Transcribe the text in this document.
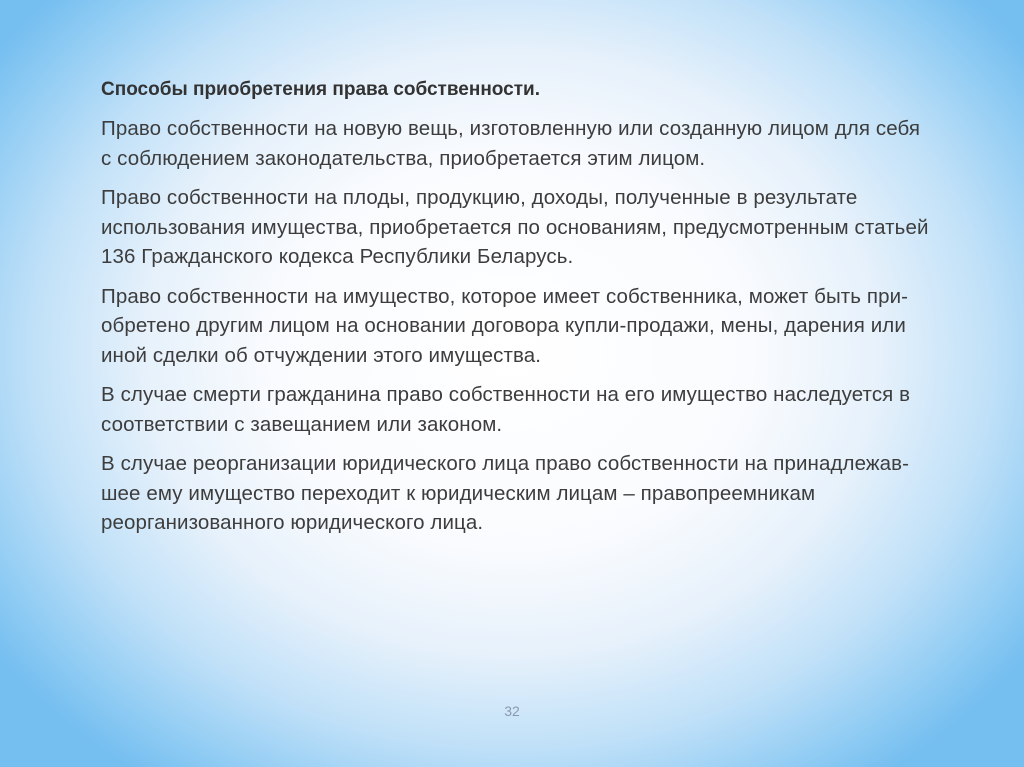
Способы приобретения права собственности.

Право собственности на новую вещь, изготовленную или созданную лицом для себя с соблюдением законодательства, приобретается этим лицом.

Право собственности на плоды, продукцию, доходы, полученные в результате использования имущества, приобретается по основаниям, предусмотренным статьей 136 Гражданского кодекса Республики Беларусь.

Право собственности на имущество, которое имеет собственника, может быть при-обретено другим лицом на основании договора купли-продажи, мены, дарения или иной сделки об отчуждении этого имущества.

В случае смерти гражданина право собственности на его имущество наследуется в соответствии с завещанием или законом.

В случае реорганизации юридического лица право собственности на принадлежав-шее ему имущество переходит к юридическим лицам – правопреемникам реорганизованного юридического лица.

32
